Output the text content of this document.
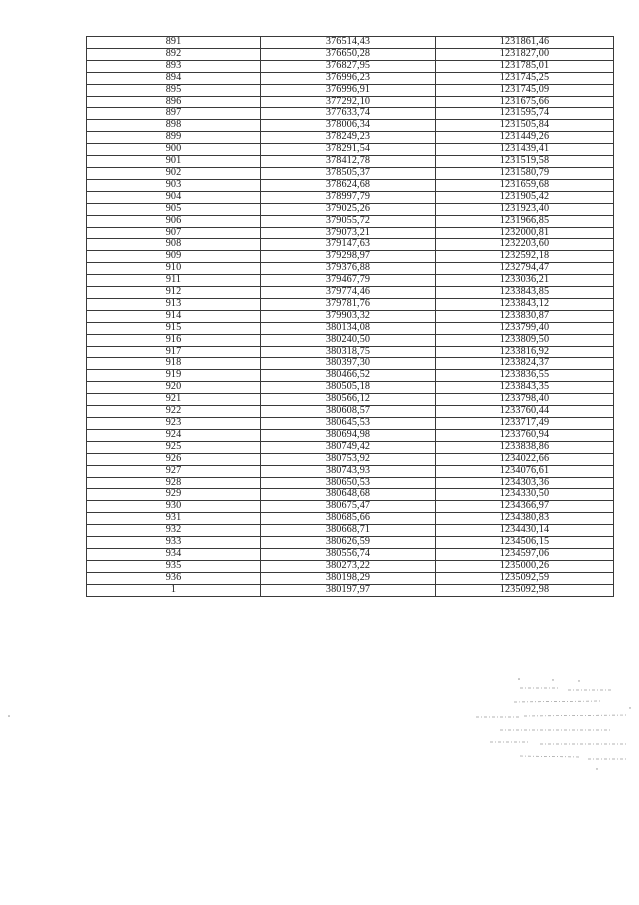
891	376514,43	1231861,46
892	376650,28	1231827,00
893	376827,95	1231785,01
894	376996,23	1231745,25
895	376996,91	1231745,09
896	377292,10	1231675,66
897	377633,74	1231595,74
898	378006,34	1231505,84
899	378249,23	1231449,26
900	378291,54	1231439,41
901	378412,78	1231519,58
902	378505,37	1231580,79
903	378624,68	1231659,68
904	378997,79	1231905,42
905	379025,26	1231923,40
906	379055,72	1231966,85
907	379073,21	1232000,81
908	379147,63	1232203,60
909	379298,97	1232592,18
910	379376,88	1232794,47
911	379467,79	1233036,21
912	379774,46	1233843,85
913	379781,76	1233843,12
914	379903,32	1233830,87
915	380134,08	1233799,40
916	380240,50	1233809,50
917	380318,75	1233816,92
918	380397,30	1233824,37
919	380466,52	1233836,55
920	380505,18	1233843,35
921	380566,12	1233798,40
922	380608,57	1233760,44
923	380645,53	1233717,49
924	380694,98	1233760,94
925	380749,42	1233838,86
926	380753,92	1234022,66
927	380743,93	1234076,61
928	380650,53	1234303,36
929	380648,68	1234330,50
930	380675,47	1234366,97
931	380685,66	1234380,83
932	380668,71	1234430,14
933	380626,59	1234506,15
934	380556,74	1234597,06
935	380273,22	1235000,26
936	380198,29	1235092,59
1	380197,97	1235092,98
